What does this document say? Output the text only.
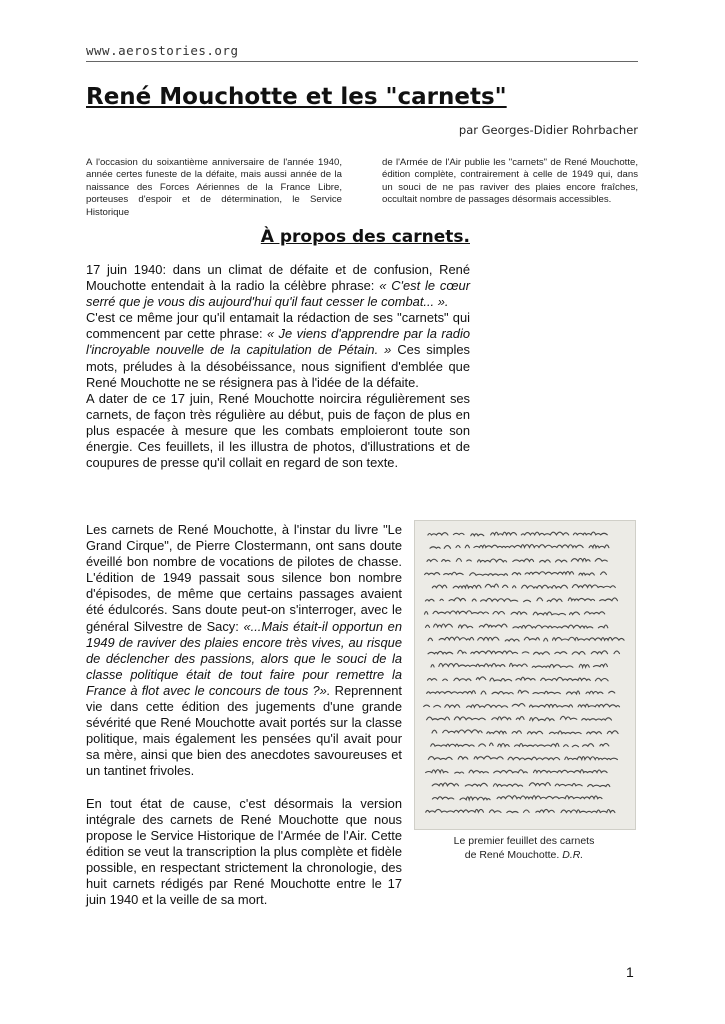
www.aerostories.org
René Mouchotte et les "carnets"
par Georges-Didier Rohrbacher
A l'occasion du soixantième anniversaire de l'année 1940, année certes funeste de la défaite, mais aussi année de la naissance des Forces Aériennes de la France Libre, porteuses d'espoir et de détermination, le Service Historique
de l'Armée de l'Air publie les "carnets" de René Mouchotte, édition complète, contrairement à celle de 1949 qui, dans un souci de ne pas raviver des plaies encore fraîches, occultait nombre de passages désormais accessibles.
À propos des carnets.

17 juin 1940: dans un climat de défaite et de confusion, René Mouchotte entendait à la radio la célèbre phrase: « C'est le cœur serré que je vous dis aujourd'hui qu'il faut cesser le combat... ».

C'est ce même jour qu'il entamait la rédaction de ses "carnets" qui commencent par cette phrase: « Je viens d'apprendre par la radio l'incroyable nouvelle de la capitulation de Pétain. » Ces simples mots, préludes à la désobéissance, nous signifient d'emblée que René Mouchotte ne se résignera pas à l'idée de la défaite.

A dater de ce 17 juin, René Mouchotte noircira régulièrement ses carnets, de façon très régulière au début, puis de façon de plus en plus espacée à mesure que les combats emploieront toute son énergie. Ces feuillets, il les illustra de photos, d'illustrations et de coupures de presse qu'il collait en regard de son texte.

Les carnets de René Mouchotte, à l'instar du livre "Le Grand Cirque", de Pierre Clostermann, ont sans doute éveillé bon nombre de vocations de pilotes de chasse. L'édition de 1949 passait sous silence bon nombre d'épisodes, de même que certains passages avaient été édulcorés. Sans doute peut-on s'interroger, avec le général Silvestre de Sacy: «...Mais était-il opportun en 1949 de raviver des plaies encore très vives, au risque de déclencher des passions, alors que le souci de la classe politique était de tout faire pour remettre la France à flot avec le concours de tous ?». Reprennent vie dans cette édition des jugements d'une grande sévérité que René Mouchotte avait portés sur la classe politique, mais également les pensées qu'il avait pour sa mère, ainsi que bien des anecdotes savoureuses et un tantinet frivoles.

En tout état de cause, c'est désormais la version intégrale des carnets de René Mouchotte que nous propose le Service Historique de l'Armée de l'Air. Cette édition se veut la transcription la plus complète et fidèle possible, en respectant strictement la chronologie, des huit carnets rédigés par René Mouchotte entre le 17 juin 1940 et la veille de sa mort.

Le premier feuillet des carnets
de René Mouchotte. D.R.
1
